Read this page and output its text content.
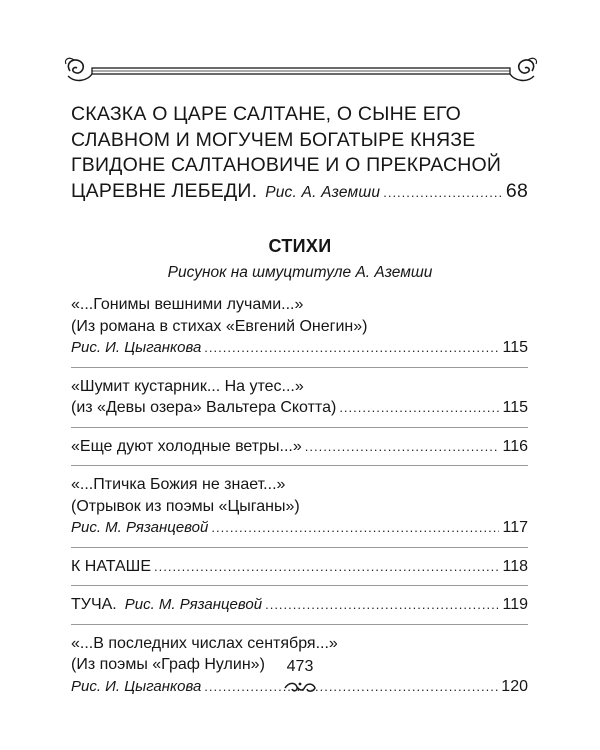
СКАЗКА О ЦАРЕ САЛТАНЕ, О СЫНЕ ЕГО
СЛАВНОМ И МОГУЧЕМ БОГАТЫРЕ КНЯЗЕ
ГВИДОНЕ САЛТАНОВИЧЕ И О ПРЕКРАСНОЙ
ЦАРЕВНЕ ЛЕБЕДИ. Рис. А. Аземши .....	68
СТИХИ
Рисунок на шмуцтитуле А. Аземши
«...Гонимы вешними лучами...»
(Из романа в стихах «Евгений Онегин»)
Рис. И. Цыганкова .....	115
«Шумит кустарник... На утес...»
(из «Девы озера» Вальтера Скотта) .....	115
«Еще дуют холодные ветры...» .....	116
«...Птичка Божия не знает...»
(Отрывок из поэмы «Цыганы»)
Рис. М. Рязанцевой .....	117
К НАТАШЕ .....	118
ТУЧА. Рис. М. Рязанцевой .....	119
«...В последних числах сентября...»
(Из поэмы «Граф Нулин»)
Рис. И. Цыганкова .....	120
473
